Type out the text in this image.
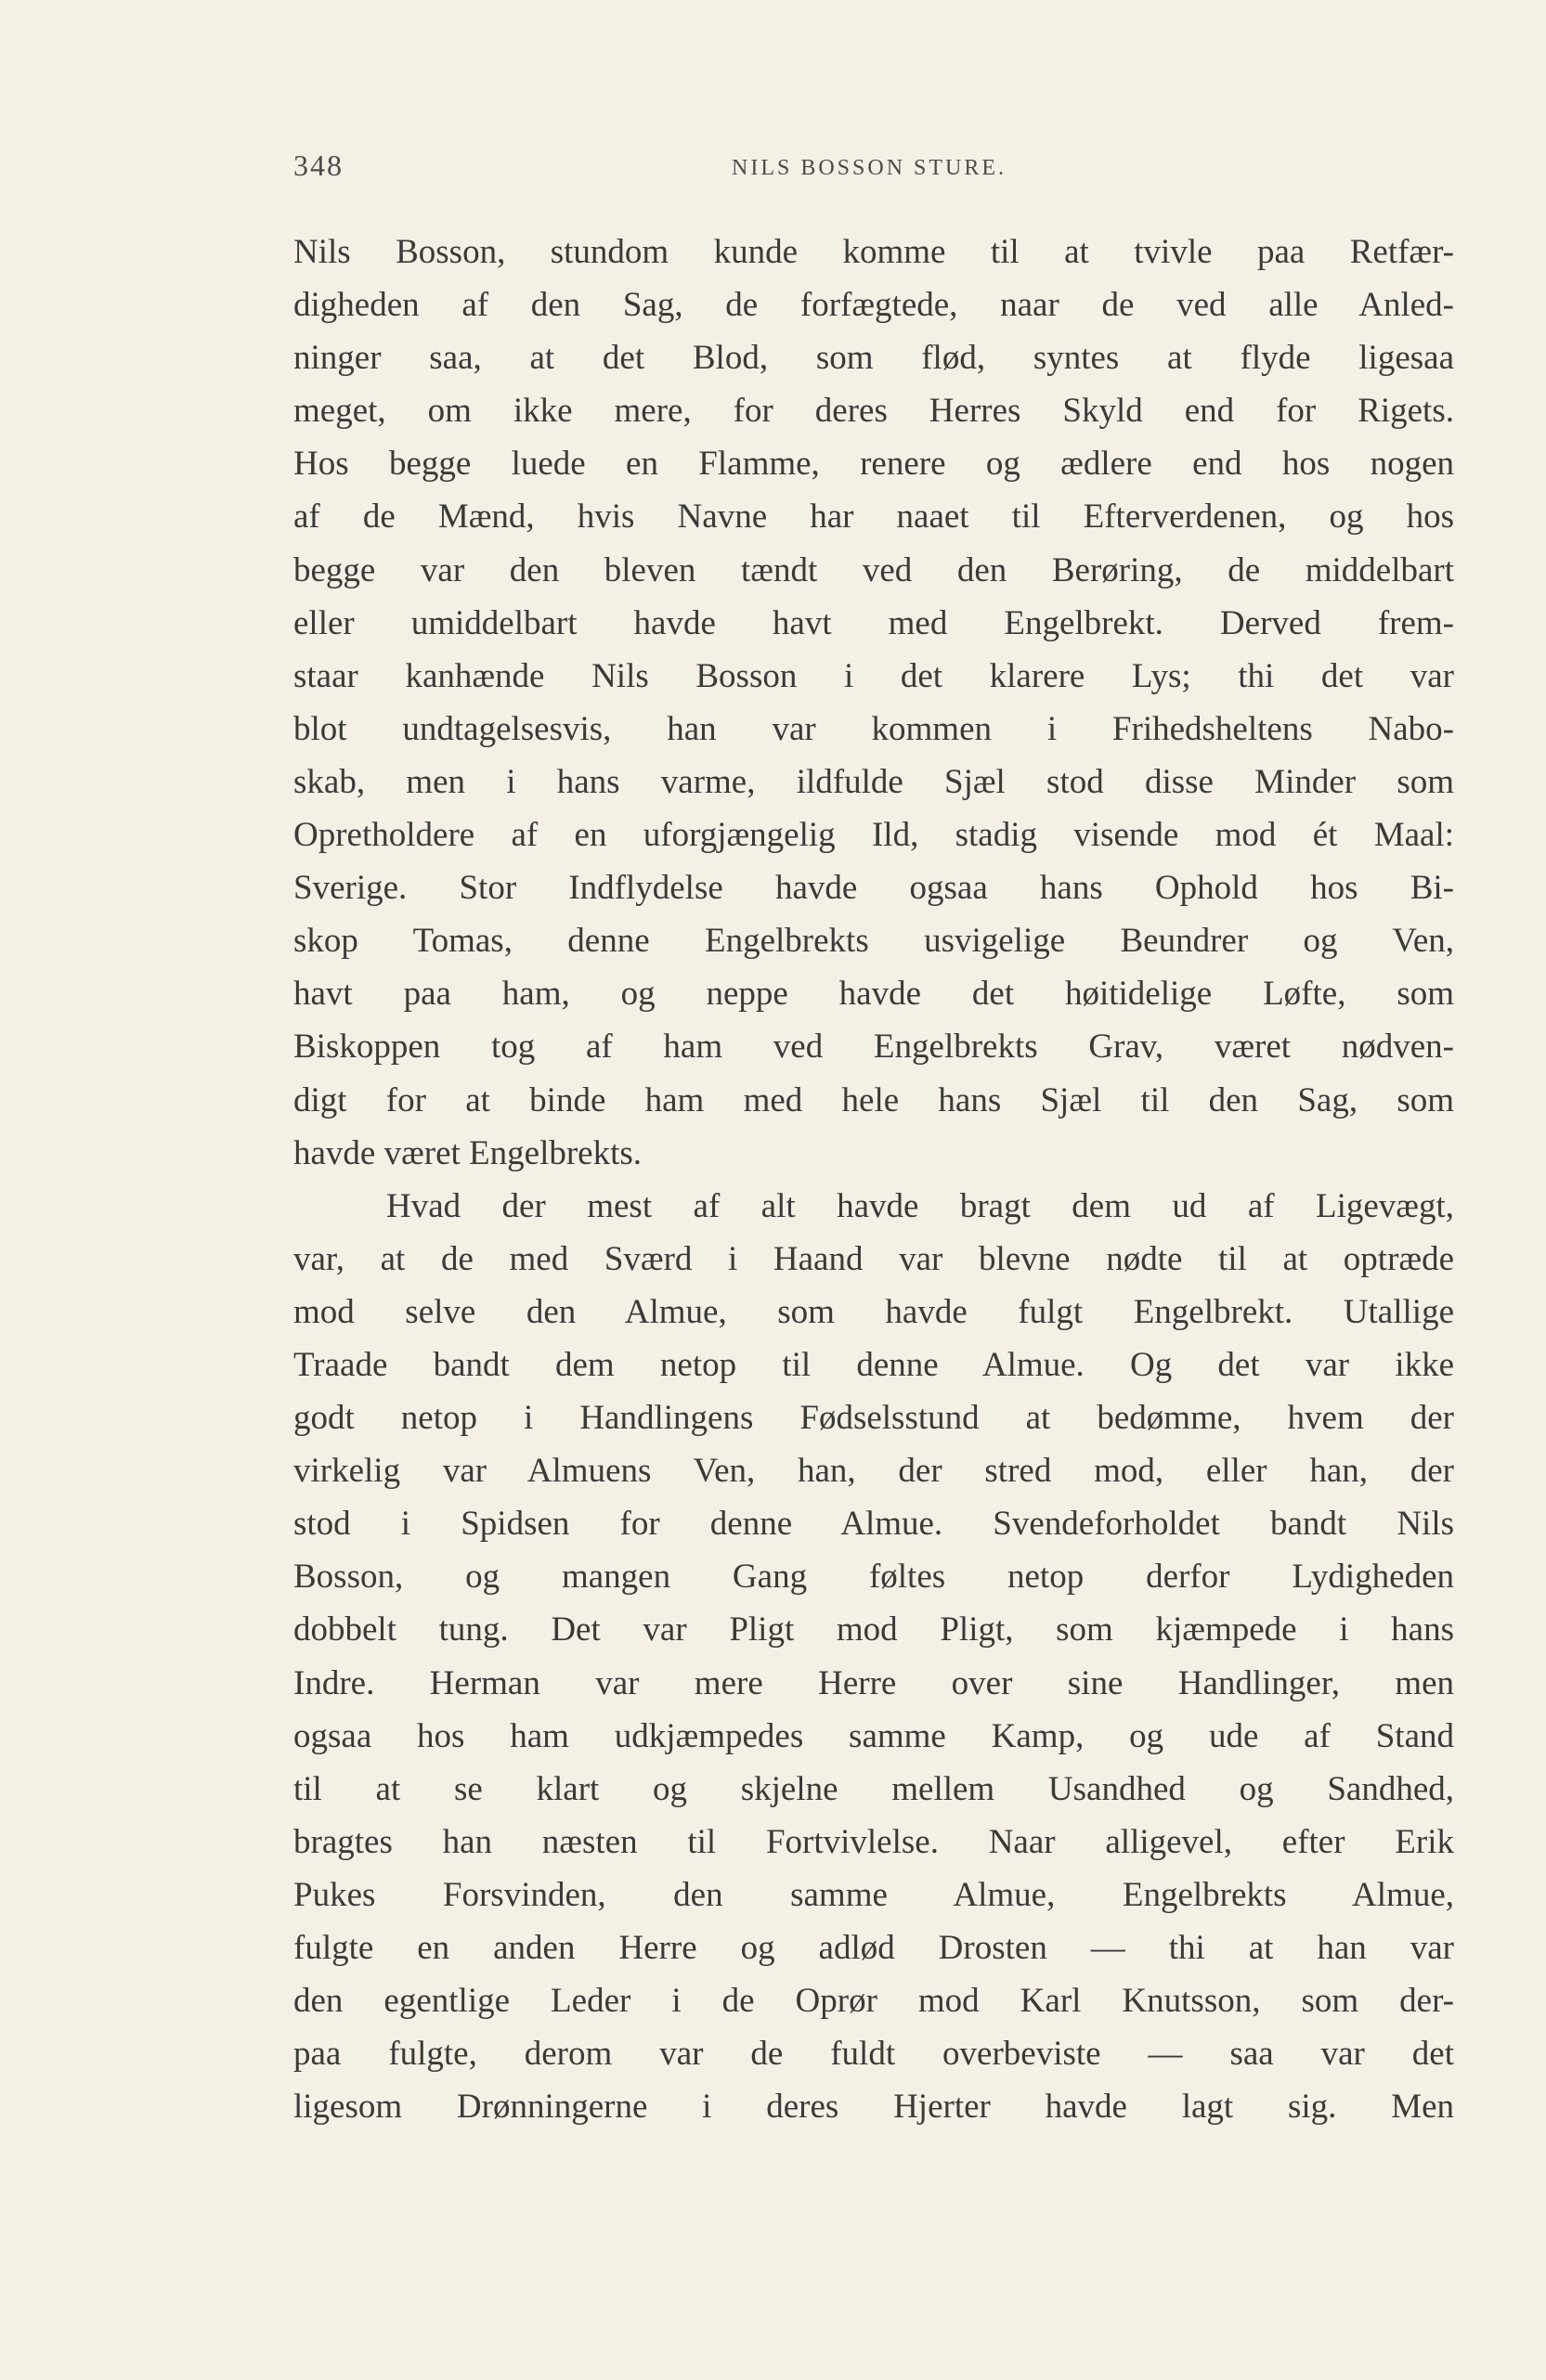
348	NILS BOSSON STURE.
Nils Bosson, stundom kunde komme til at tvivle paa Retfær-
digheden af den Sag, de forfægtede, naar de ved alle Anled-
ninger saa, at det Blod, som flød, syntes at flyde ligesaa
meget, om ikke mere, for deres Herres Skyld end for Rigets.
Hos begge luede en Flamme, renere og ædlere end hos nogen
af de Mænd, hvis Navne har naaet til Efterverdenen, og hos
begge var den bleven tændt ved den Berøring, de middelbart
eller umiddelbart havde havt med Engelbrekt. Derved frem-
staar kanhænde Nils Bosson i det klarere Lys; thi det var
blot undtagelsesvis, han var kommen i Frihedsheltens Nabo-
skab, men i hans varme, ildfulde Sjæl stod disse Minder som
Opretholdere af en uforgjængelig Ild, stadig visende mod ét Maal:
Sverige. Stor Indflydelse havde ogsaa hans Ophold hos Bi-
skop Tomas, denne Engelbrekts usvigelige Beundrer og Ven,
havt paa ham, og neppe havde det høitidelige Løfte, som
Biskoppen tog af ham ved Engelbrekts Grav, været nødven-
digt for at binde ham med hele hans Sjæl til den Sag, som
havde været Engelbrekts.
Hvad der mest af alt havde bragt dem ud af Ligevægt,
var, at de med Sværd i Haand var blevne nødte til at optræde
mod selve den Almue, som havde fulgt Engelbrekt. Utallige
Traade bandt dem netop til denne Almue. Og det var ikke
godt netop i Handlingens Fødselsstund at bedømme, hvem der
virkelig var Almuens Ven, han, der stred mod, eller han, der
stod i Spidsen for denne Almue. Svendeforholdet bandt Nils
Bosson, og mangen Gang føltes netop derfor Lydigheden
dobbelt tung. Det var Pligt mod Pligt, som kjæmpede i hans
Indre. Herman var mere Herre over sine Handlinger, men
ogsaa hos ham udkjæmpedes samme Kamp, og ude af Stand
til at se klart og skjelne mellem Usandhed og Sandhed,
bragtes han næsten til Fortvivlelse. Naar alligevel, efter Erik
Pukes Forsvinden, den samme Almue, Engelbrekts Almue,
fulgte en anden Herre og adlød Drosten — thi at han var
den egentlige Leder i de Oprør mod Karl Knutsson, som der-
paa fulgte, derom var de fuldt overbeviste — saa var det
ligesom Drønningerne i deres Hjerter havde lagt sig. Men
